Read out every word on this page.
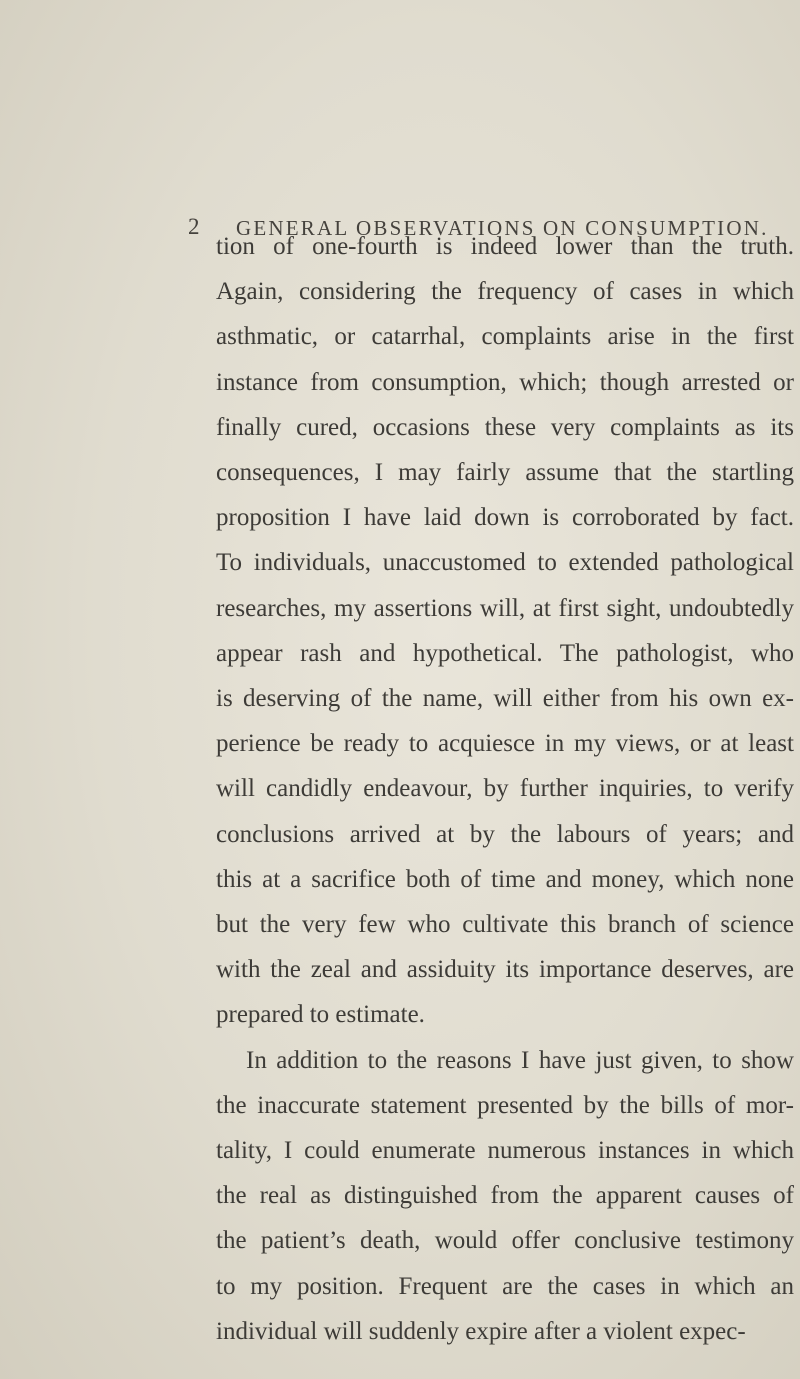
2 GENERAL OBSERVATIONS ON CONSUMPTION.
tion of one-fourth is indeed lower than the truth.
Again, considering the frequency of cases in which
asthmatic, or catarrhal, complaints arise in the first
instance from consumption, which; though arrested or
finally cured, occasions these very complaints as its
consequences, I may fairly assume that the startling
proposition I have laid down is corroborated by fact.
To individuals, unaccustomed to extended pathological
researches, my assertions will, at first sight, undoubtedly
appear rash and hypothetical. The pathologist, who
is deserving of the name, will either from his own ex-
perience be ready to acquiesce in my views, or at least
will candidly endeavour, by further inquiries, to verify
conclusions arrived at by the labours of years; and
this at a sacrifice both of time and money, which none
but the very few who cultivate this branch of science
with the zeal and assiduity its importance deserves, are
prepared to estimate.
In addition to the reasons I have just given, to show
the inaccurate statement presented by the bills of mor-
tality, I could enumerate numerous instances in which
the real as distinguished from the apparent causes of
the patient’s death, would offer conclusive testimony
to my position. Frequent are the cases in which an
individual will suddenly expire after a violent expec-
